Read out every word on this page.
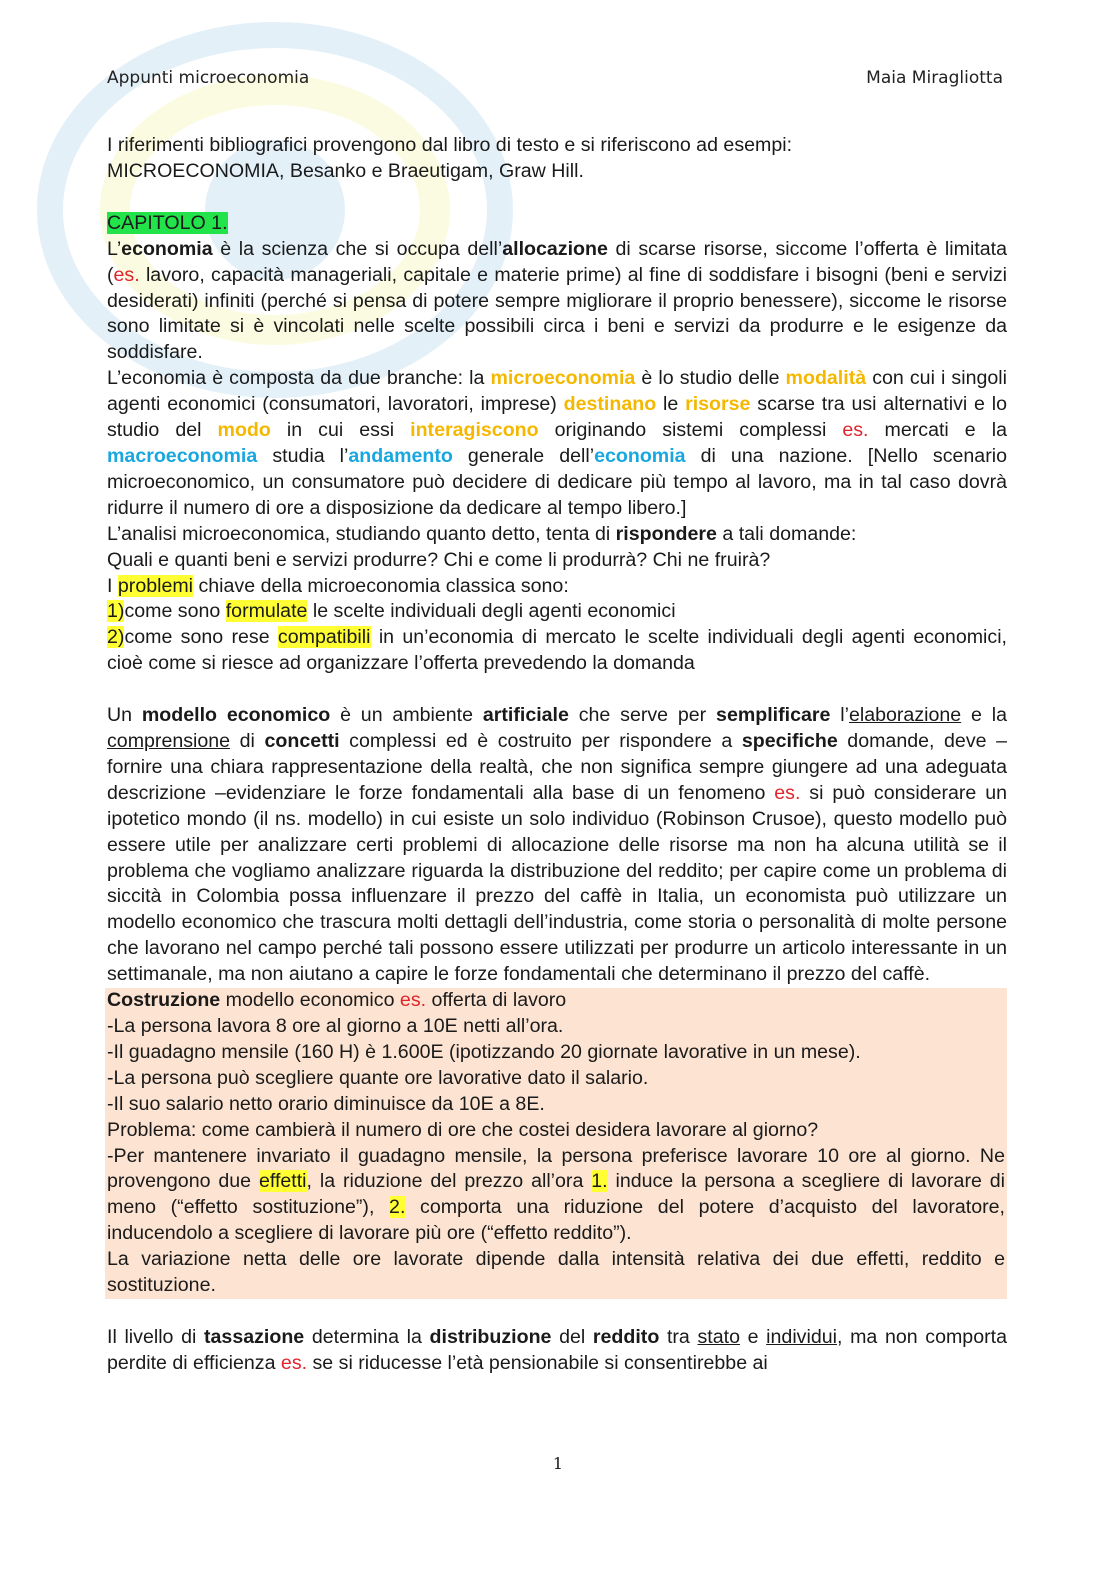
Appunti microeconomia	Maia Miragliotta
I riferimenti bibliografici provengono dal libro di testo e si riferiscono ad esempi:
MICROECONOMIA, Besanko e Braeutigam, Graw Hill.
CAPITOLO 1.
L’economia è la scienza che si occupa dell’allocazione di scarse risorse, siccome l’offerta è limitata (es. lavoro, capacità manageriali, capitale e materie prime) al fine di soddisfare i bisogni (beni e servizi desiderati) infiniti (perché si pensa di potere sempre migliorare il proprio benessere), siccome le risorse sono limitate si è vincolati nelle scelte possibili circa i beni e servizi da produrre e le esigenze da soddisfare.
L’economia è composta da due branche: la microeconomia è lo studio delle modalità con cui i singoli agenti economici (consumatori, lavoratori, imprese) destinano le risorse scarse tra usi alternativi e lo studio del modo in cui essi interagiscono originando sistemi complessi es. mercati e la macroeconomia studia l’andamento generale dell’economia di una nazione. [Nello scenario microeconomico, un consumatore può decidere di dedicare più tempo al lavoro, ma in tal caso dovrà ridurre il numero di ore a disposizione da dedicare al tempo libero.]
L’analisi microeconomica, studiando quanto detto, tenta di rispondere a tali domande:
Quali e quanti beni e servizi produrre? Chi e come li produrrà? Chi ne fruirà?
I problemi chiave della microeconomia classica sono:
1)come sono formulate le scelte individuali degli agenti economici
2)come sono rese compatibili in un’economia di mercato le scelte individuali degli agenti economici, cioè come si riesce ad organizzare l’offerta prevedendo la domanda
Un modello economico è un ambiente artificiale che serve per semplificare l’elaborazione e la comprensione di concetti complessi ed è costruito per rispondere a specifiche domande, deve –fornire una chiara rappresentazione della realtà, che non significa sempre giungere ad una adeguata descrizione –evidenziare le forze fondamentali alla base di un fenomeno es. si può considerare un ipotetico mondo (il ns. modello) in cui esiste un solo individuo (Robinson Crusoe), questo modello può essere utile per analizzare certi problemi di allocazione delle risorse ma non ha alcuna utilità se il problema che vogliamo analizzare riguarda la distribuzione del reddito; per capire come un problema di siccità in Colombia possa influenzare il prezzo del caffè in Italia, un economista può utilizzare un modello economico che trascura molti dettagli dell’industria, come storia o personalità di molte persone che lavorano nel campo perché tali possono essere utilizzati per produrre un articolo interessante in un settimanale, ma non aiutano a capire le forze fondamentali che determinano il prezzo del caffè.
Costruzione modello economico es. offerta di lavoro
-La persona lavora 8 ore al giorno a 10E netti all’ora.
-Il guadagno mensile (160 H) è 1.600E (ipotizzando 20 giornate lavorative in un mese).
-La persona può scegliere quante ore lavorative dato il salario.
-Il suo salario netto orario diminuisce da 10E a 8E.
Problema: come cambierà il numero di ore che costei desidera lavorare al giorno?
-Per mantenere invariato il guadagno mensile, la persona preferisce lavorare 10 ore al giorno. Ne provengono due effetti, la riduzione del prezzo all’ora 1. induce la persona a scegliere di lavorare di meno (“effetto sostituzione”), 2. comporta una riduzione del potere d’acquisto del lavoratore, inducendolo a scegliere di lavorare più ore (“effetto reddito”).
La variazione netta delle ore lavorate dipende dalla intensità relativa dei due effetti, reddito e sostituzione.
Il livello di tassazione determina la distribuzione del reddito tra stato e individui, ma non comporta perdite di efficienza es. se si riducesse l’età pensionabile si consentirebbe ai
1
